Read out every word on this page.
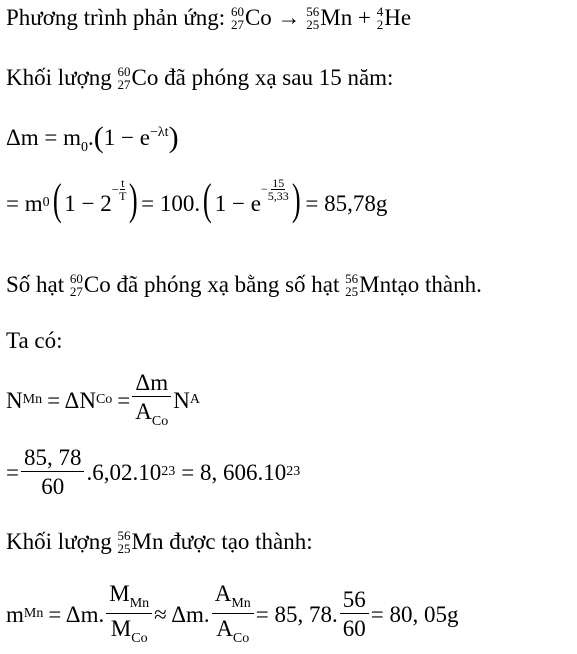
Phương trình phản ứng: 60
27 Co → 56
25 Mn + 4
2 He
Khối lượng 60
27 Co đã phóng xạ sau 15 năm:
$\Delta m = m_0.(1 - e^{-\lambda t})$
= m 0 ( 1 − 2
− $\frac{t}{T}$ ) = 100. ( 1 − e
− $\frac{15}{5,33}$ ) = 85,78g
Số hạt 60
27 Co đã phóng xạ bằng số hạt 56
25 Mntạo thành.
Ta có:
N Mn = ΔN $Co = \frac{\Delta m}{A_{Co}}$ N A
= $\frac{85, 78}{60} .6,02.10$ 23 = 8, 606.10 23
Khối lượng 56
25 Mn được tạo thành:
m Mn = Δm. $\frac{M_{Mn}}{M_{Co}} \approx \Delta m$. $\frac{A_{Mn}}{A_{Co}} = 85$, 78. $\frac{56}{60} = 80$, 05g
